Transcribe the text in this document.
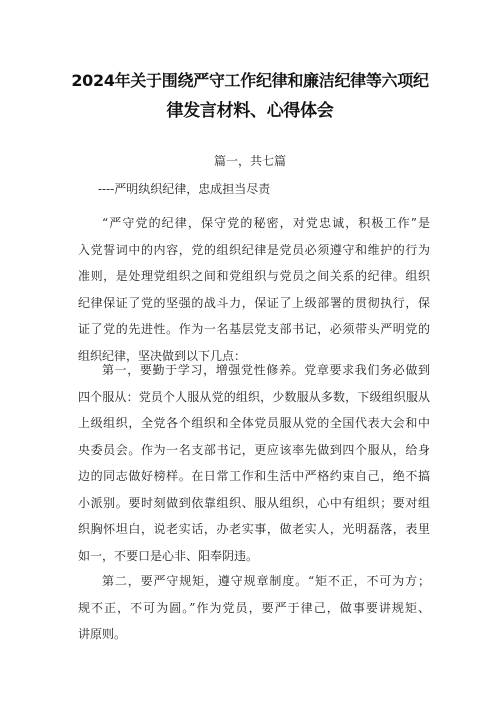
2024年关于围绕严守工作纪律和廉洁纪律等六项纪
律发言材料、心得体会
篇一，共七篇
----严明纨织纪律，忠成担当尽责
“严守党的纪律，保守党的秘密，对党忠诚，积极工作”是
入党誓词中的内容，党的组织纪律是党员必须遵守和维护的行为
准则，是处理党组织之间和党组织与党员之间关系的纪律。组织
纪律保证了党的坚强的战斗力，保证了上级部署的贯彻执行，保
证了党的先进性。作为一名基层党支部书记，必须带头严明党的
组织纪律，坚决做到以下几点：
第一，要勤于学习，增强党性修养。党章要求我们务必做到
四个服从：党员个人服从党的组织，少数服从多数，下级组织服从
上级组织，全党各个组织和全体党员服从党的全国代表大会和中
央委员会。作为一名支部书记，更应该率先做到四个服从，给身
边的同志做好榜样。在日常工作和生活中严格约束自己，绝不搞
小派别。要时刻做到依靠组织、服从组织，心中有组织；要对组
织胸怀坦白，说老实话，办老实事，做老实人，光明磊落，表里
如一，不要口是心非、阳奉阴违。
第二，要严守规矩，遵守规章制度。“矩不正，不可为方；
规不正，不可为圆。”作为党员，要严于律己，做事要讲规矩、
讲原则。
